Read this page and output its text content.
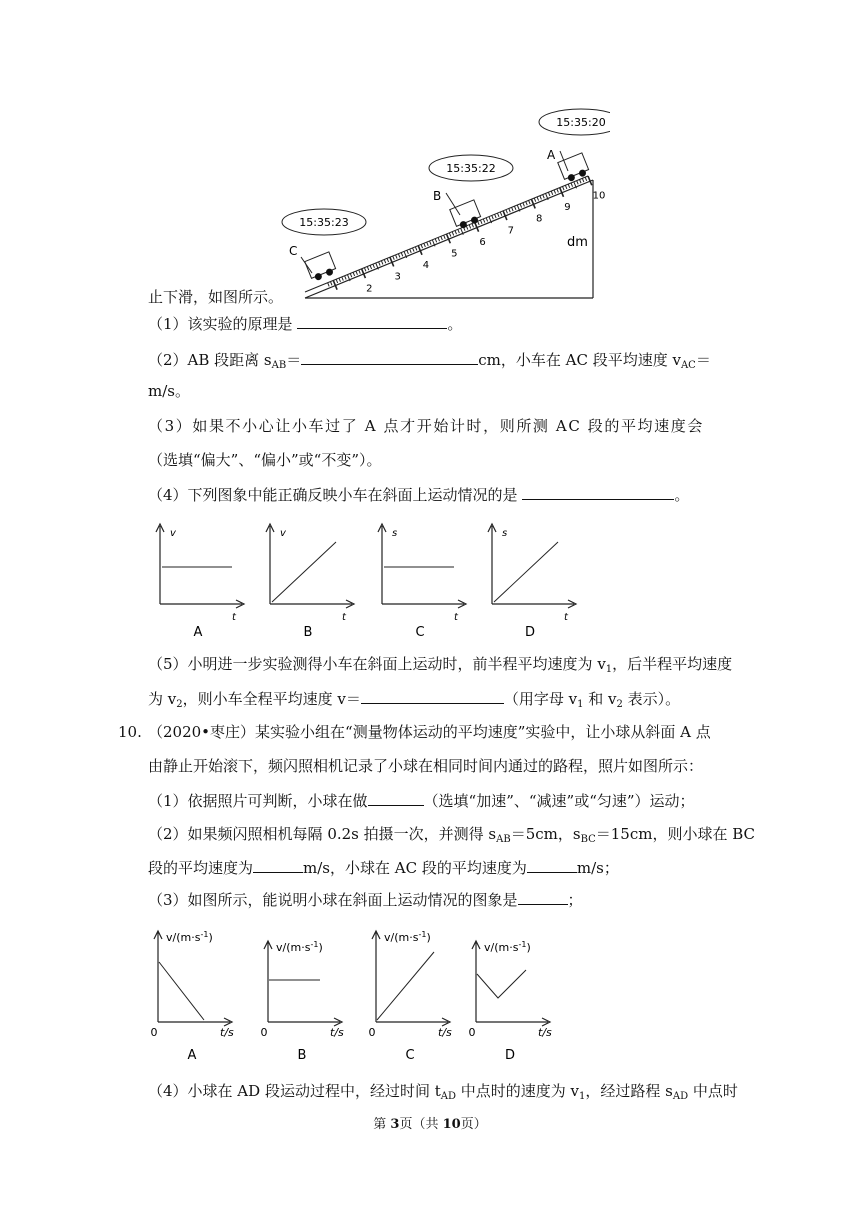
15:35:20
15:35:22
15:35:23
2
3
4
5
6
7
8
9
10
dm
A
B
C
止下滑，如图所示。
（1）该实验的原理是	。
（2）AB 段距离 $s_{AB}=$	cm，小车在 AC 段平均速度 $v_{AC}=$
m/s。
（3）如果不小心让小车过了 A 点才开始计时，则所测 AC 段的平均速度会
（选填“偏大”、“偏小”或“不变”）。
（4）下列图象中能正确反映小车在斜面上运动情况的是	。
v
t
A
v
t
B
s
t
C
s
t
D
（5）小明进一步实验测得小车在斜面上运动时，前半程平均速度为 $v_1$，后半程平均速度
为 $v_2$，则小车全程平均速度 v＝	（用字母 $v_1$ 和 $v_2$ 表示）。
10. （2020•枣庄）某实验小组在“测量物体运动的平均速度”实验中，让小球从斜面 A 点
由静止开始滚下，频闪照相机记录了小球在相同时间内通过的路程，照片如图所示：
（1）依据照片可判断，小球在做	（选填“加速”、“减速”或“匀速”）运动；
（2）如果频闪照相机每隔 0.2s 拍摄一次，并测得 $s_{AB}=5cm$，$s_{BC}=15cm$，则小球在 BC
段的平均速度为	m/s，小球在 AC 段的平均速度为	m/s；
（3）如图所示，能说明小球在斜面上运动情况的图象是	；
$v/(m\cdot s^{-1})$
0	t/s
A
$v/(m\cdot s^{-1})$
0	t/s
B
$v/(m\cdot s^{-1})$
0	t/s
C
$v/(m\cdot s^{-1})$
0	t/s
D
（4）小球在 AD 段运动过程中，经过时间 $t_{AD}$ 中点时的速度为 $v_1$，经过路程 $s_{AD}$ 中点时
第 3页（共 10页）
